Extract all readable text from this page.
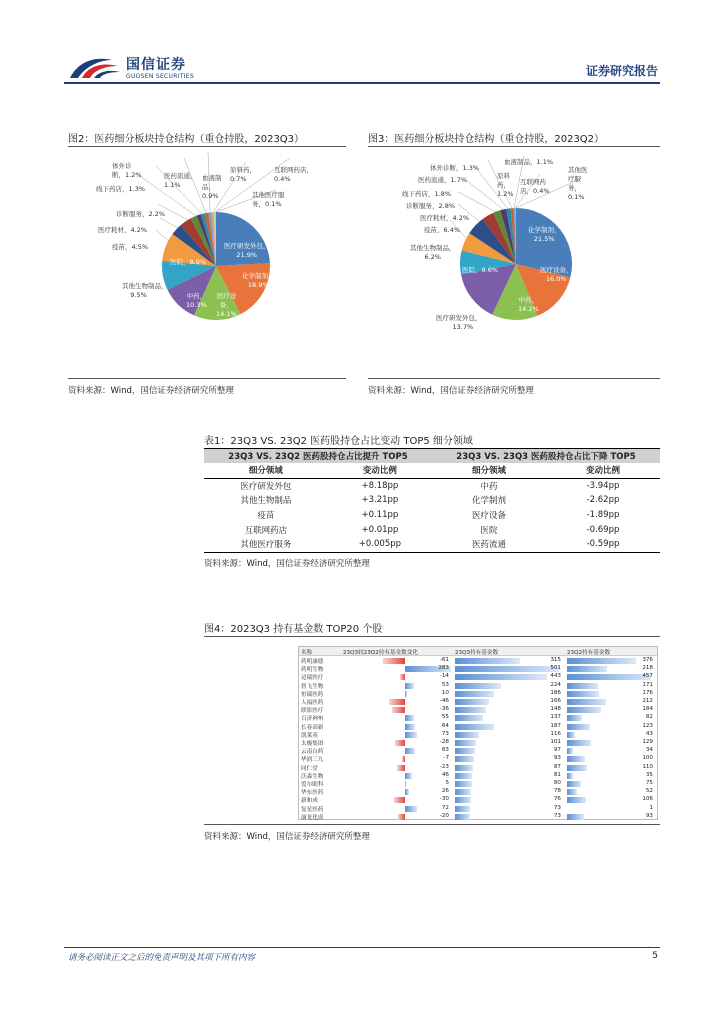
国信证券
GUOSEN SECURITIES	证券研究报告
图2：医药细分板块持仓结构（重仓持股，2023Q3）
体外诊
断，1.2%	医药流通，
1.1%
血液制
品，
0.9%
原料药，
0.7%
互联网药店，
0.4%
线下药店，1.3%
其他医疗服
务，0.1%
诊断服务，2.2%
医疗耗材，4.2%
疫苗，4.5%
医院，8.9%
其他生物制品，
9.5%
医疗研发外包，
21.9%
化学制剂，
18.9%
中药，
10.3%
医疗设
备，
14.1%
资料来源：Wind，国信证券经济研究所整理
图3：医药细分板块持仓结构（重仓持股，2023Q2）
体外诊断，1.3%
血液制品，1.1%
医药流通，1.7%	原料
药，
1.2%
互联网药
店，0.4%
其他医
疗服
务，
0.1%
线下药店，1.8%
诊断服务，2.8%
医疗耗材，4.2%
疫苗，6.4%
其他生物制品，
6.2%
化学制剂，
21.5%
医疗设备，
16.0%
医院，9.6%
中药，
14.2%
医疗研发外包，
13.7%
资料来源：Wind，国信证券经济研究所整理
表1：23Q3 VS. 23Q2 医药股持仓占比变动 TOP5 细分领域
23Q3 VS. 23Q2 医药股持仓占比提升 TOP5		23Q3 VS. 23Q3 医药股持仓占比下降 TOP5	
细分领域	变动比例	细分领域	变动比例
医疗研发外包	+8.18pp	中药	-3.94pp
其他生物制品	+3.21pp	化学制剂	-2.62pp
疫苗	+0.11pp	医疗设备	-1.89pp
互联网药店	+0.01pp	医院	-0.69pp
其他医疗服务	+0.005pp	医药流通	-0.59pp
资料来源：Wind，国信证券经济研究所整理
图4：2023Q3 持有基金数 TOP20 个股
名称	23Q3较23Q2持有基金数变化	23Q3持有基金数	23Q2持有基金数
药明康德	-61	315	376
药明生物	283	501	218
迈瑞医疗	-14	443	457
智飞生物	53	224	171
恒瑞医药	10	186	176
人福医药	-46	166	212
联影医疗	-36	148	184
百济神州	55	137	82
长春高新	64	187	123
凯莱英	73	116	43
太极集团	-28	101	129
云南白药	63	97	34
华润三九	-7	93	100
同仁堂	-23	87	110
沃森生物	46	81	35
爱尔眼科	5	80	75
华东医药	26	78	52
新和成	-30	76	106
复星医药	72	73	1
康龙化成	-20	73	93
资料来源：Wind，国信证券经济研究所整理
请务必阅读正文之后的免责声明及其项下所有内容	5
